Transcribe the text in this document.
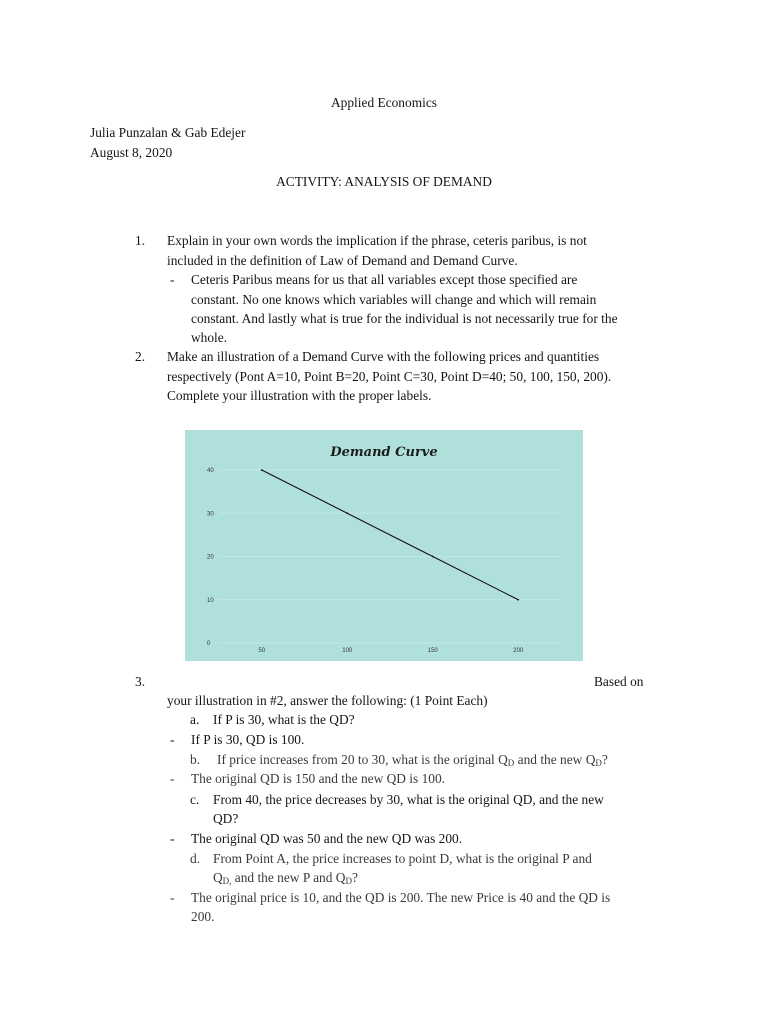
Applied Economics
Julia Punzalan & Gab Edejer
August 8, 2020
ACTIVITY: ANALYSIS OF DEMAND
1. Explain in your own words the implication if the phrase, ceteris paribus, is not
included in the definition of Law of Demand and Demand Curve.
- Ceteris Paribus means for us that all variables except those specified are
constant. No one knows which variables will change and which will remain
constant. And lastly what is true for the individual is not necessarily true for the
whole.
2. Make an illustration of a Demand Curve with the following prices and quantities
respectively (Pont A=10, Point B=20, Point C=30, Point D=40; 50, 100, 150, 200).
Complete your illustration with the proper labels.
Demand Curve
0
10
20
30
40
50	100	150	200
3.	Based on
your illustration in #2, answer the following: (1 Point Each)
a. If P is 30, what is the QD?
- If P is 30, QD is 100.
b. If price increases from 20 to 30, what is the original $Q_D$ and the new $Q_D$?
- The original QD is 150 and the new QD is 100.
c. From 40, the price decreases by 30, what is the original QD, and the new
QD?
- The original QD was 50 and the new QD was 200.
d. From Point A, the price increases to point D, what is the original P and
$Q_{D,}$ and the new P and $Q_D$?
- The original price is 10, and the QD is 200. The new Price is 40 and the QD is
200.
